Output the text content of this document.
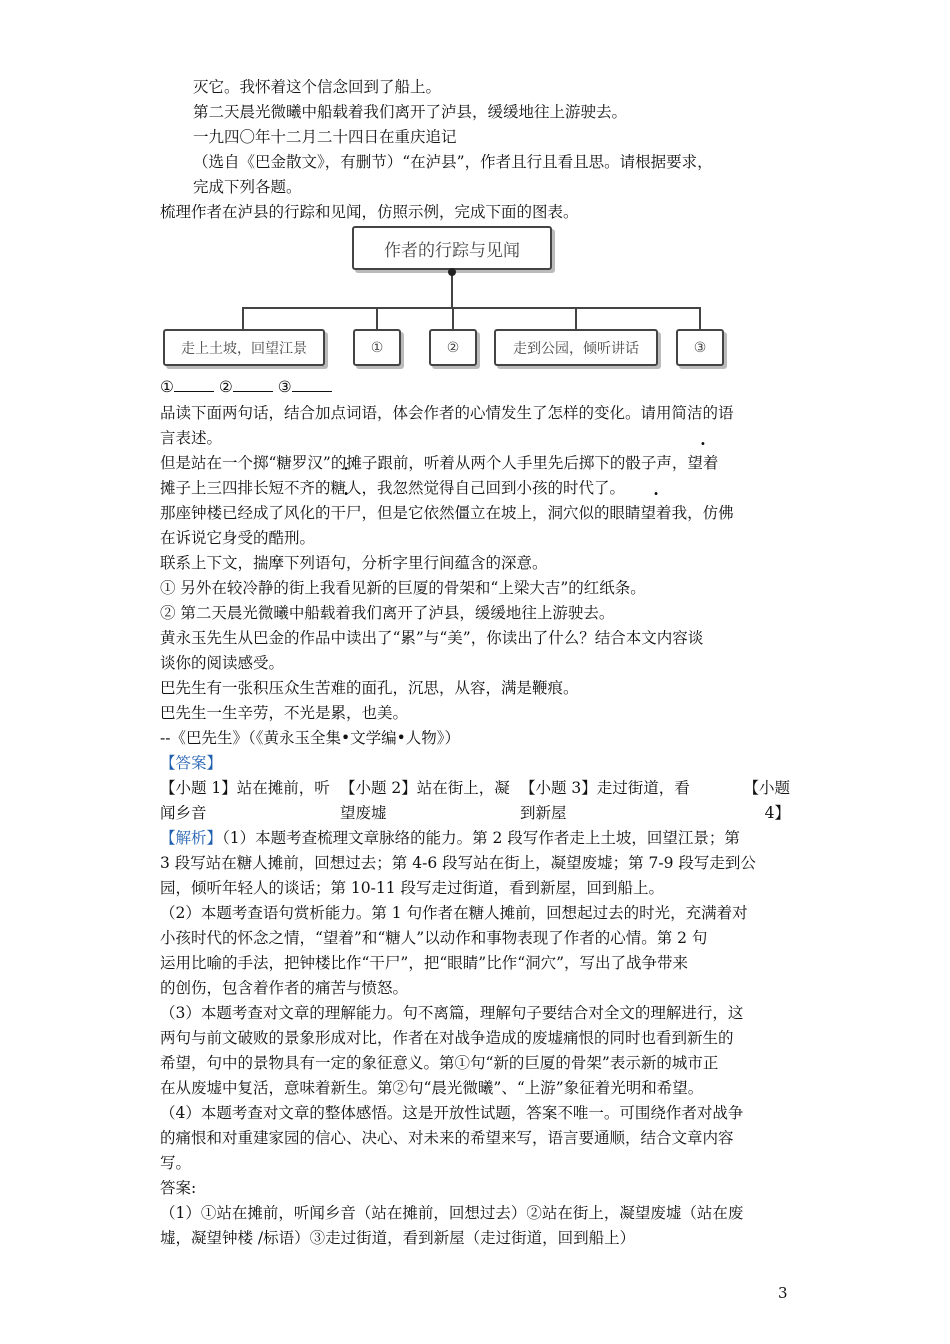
灭它。我怀着这个信念回到了船上。
第二天晨光微曦中船载着我们离开了泸县，缓缓地往上游驶去。
一九四〇年十二月二十四日在重庆追记
（选自《巴金散文》，有删节）“在泸县”，作者且行且看且思。请根据要求，
完成下列各题。
梳理作者在泸县的行踪和见闻，仿照示例，完成下面的图表。
作者的行踪与见闻
走上土坡，回望江景	①	②	走到公园，倾听讲话	③
①	②	③
品读下面两句话，结合加点词语，体会作者的心情发生了怎样的变化。请用简洁的语
言表述。
但是站在一个掷“糖罗汉”的摊子跟前，听着从两个人手里先后掷下的骰子声，望着
摊子上三四排长短不齐的糖人，我忽然觉得自己回到小孩的时代了。
那座钟楼已经成了风化的干尸，但是它依然僵立在坡上，洞穴似的眼睛望着我，仿佛
在诉说它身受的酷刑。
联系上下文，揣摩下列语句，分析字里行间蕴含的深意。
① 另外在较冷静的街上我看见新的巨厦的骨架和“上梁大吉”的红纸条。
② 第二天晨光微曦中船载着我们离开了泸县，缓缓地往上游驶去。
黄永玉先生从巴金的作品中读出了“累”与“美”，你读出了什么？结合本文内容谈
谈你的阅读感受。
巴先生有一张积压众生苦难的面孔，沉思，从容，满是鞭痕。
巴先生一生辛劳，不光是累，也美。
--《巴先生》（《黄永玉全集•文学编•人物》）
【答案】
【小题 1】站在摊前，听
闻乡音
【小题 2】站在街上，凝
望废墟
【小题 3】走过街道，看
到新屋
【小题
4】
【解析】（1）本题考查梳理文章脉络的能力。第 2 段写作者走上土坡，回望江景；第
3 段写站在糖人摊前，回想过去；第 4-6 段写站在街上，凝望废墟；第 7-9 段写走到公
园，倾听年轻人的谈话；第 10-11 段写走过街道，看到新屋，回到船上。
（2）本题考查语句赏析能力。第 1 句作者在糖人摊前，回想起过去的时光，充满着对
小孩时代的怀念之情，“望着”和“糖人”以动作和事物表现了作者的心情。第 2 句
运用比喻的手法，把钟楼比作“干尸”，把“眼睛”比作“洞穴”，写出了战争带来
的创伤，包含着作者的痛苦与愤怒。
（3）本题考查对文章的理解能力。句不离篇，理解句子要结合对全文的理解进行，这
两句与前文破败的景象形成对比，作者在对战争造成的废墟痛恨的同时也看到新生的
希望，句中的景物具有一定的象征意义。第①句“新的巨厦的骨架”表示新的城市正
在从废墟中复活，意味着新生。第②句“晨光微曦”、“上游”象征着光明和希望。
（4）本题考查对文章的整体感悟。这是开放性试题，答案不唯一。可围绕作者对战争
的痛恨和对重建家园的信心、决心、对未来的希望来写，语言要通顺，结合文章内容
写。
答案:
（1）①站在摊前，听闻乡音（站在摊前，回想过去）②站在街上，凝望废墟（站在废
墟，凝望钟楼 /标语）③走过街道，看到新屋（走过街道，回到船上）
3
